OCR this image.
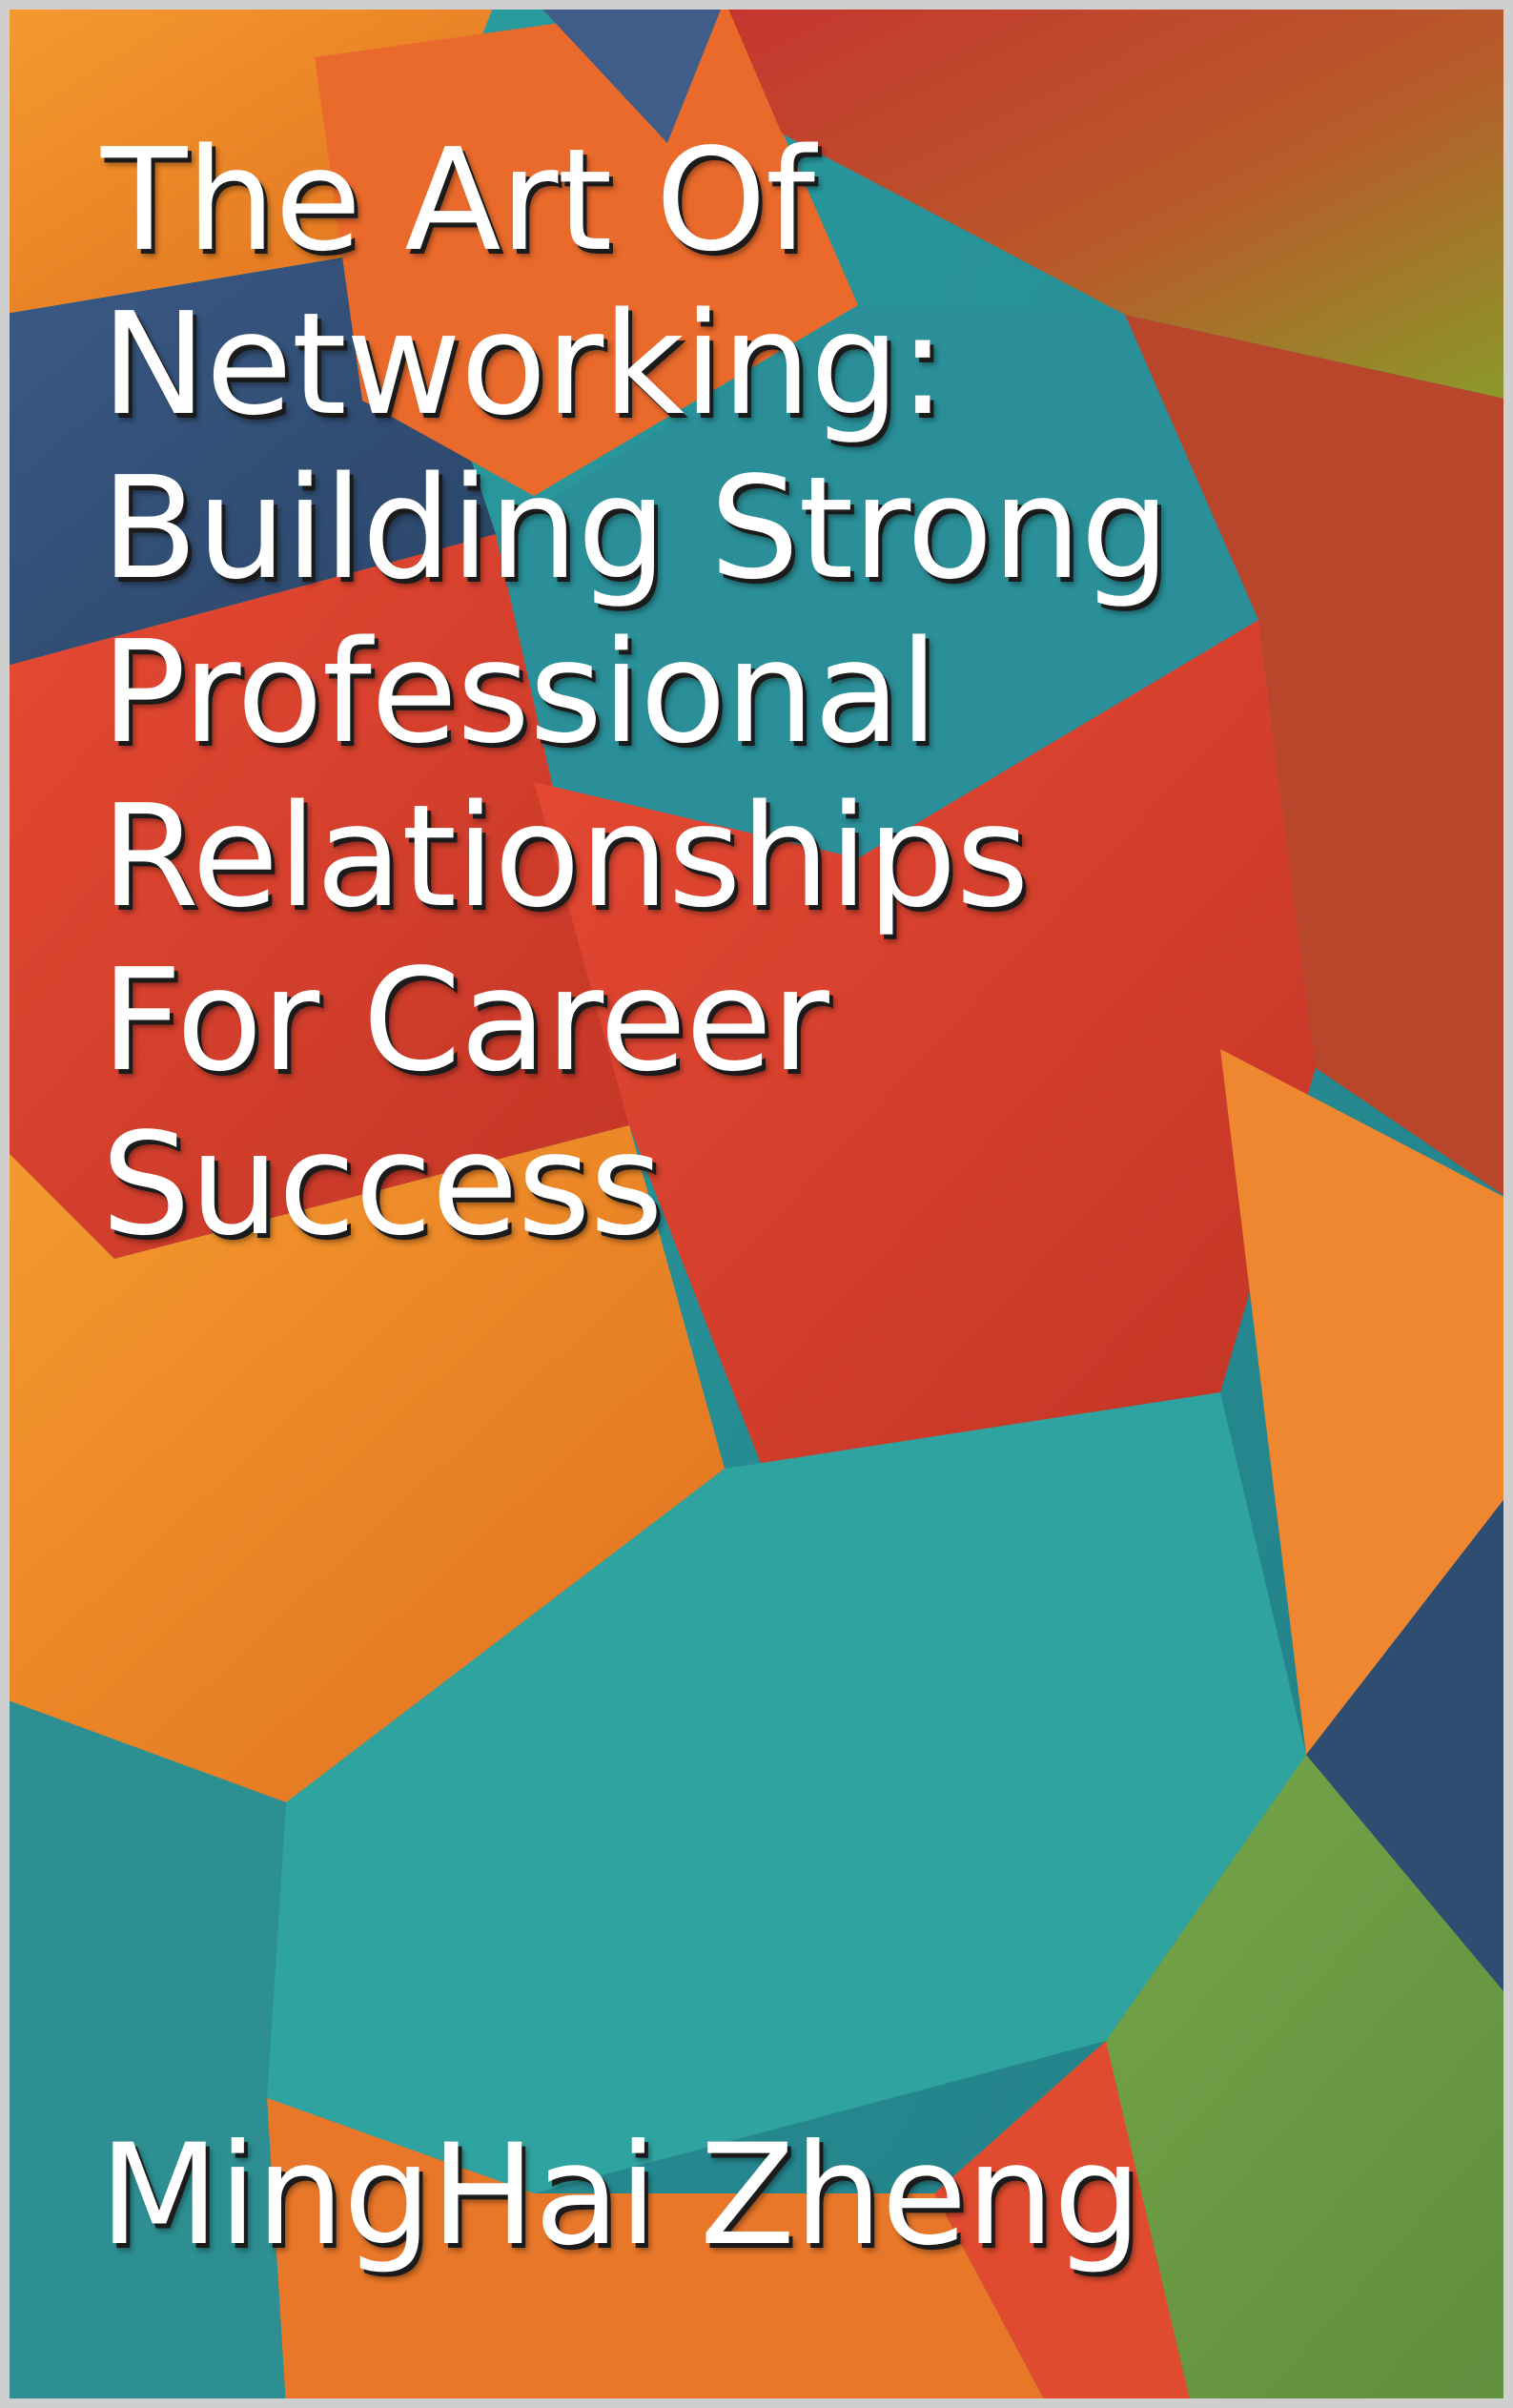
The Art Of
Networking:
Building Strong
Professional
Relationships
For Career
Success
MingHai Zheng
